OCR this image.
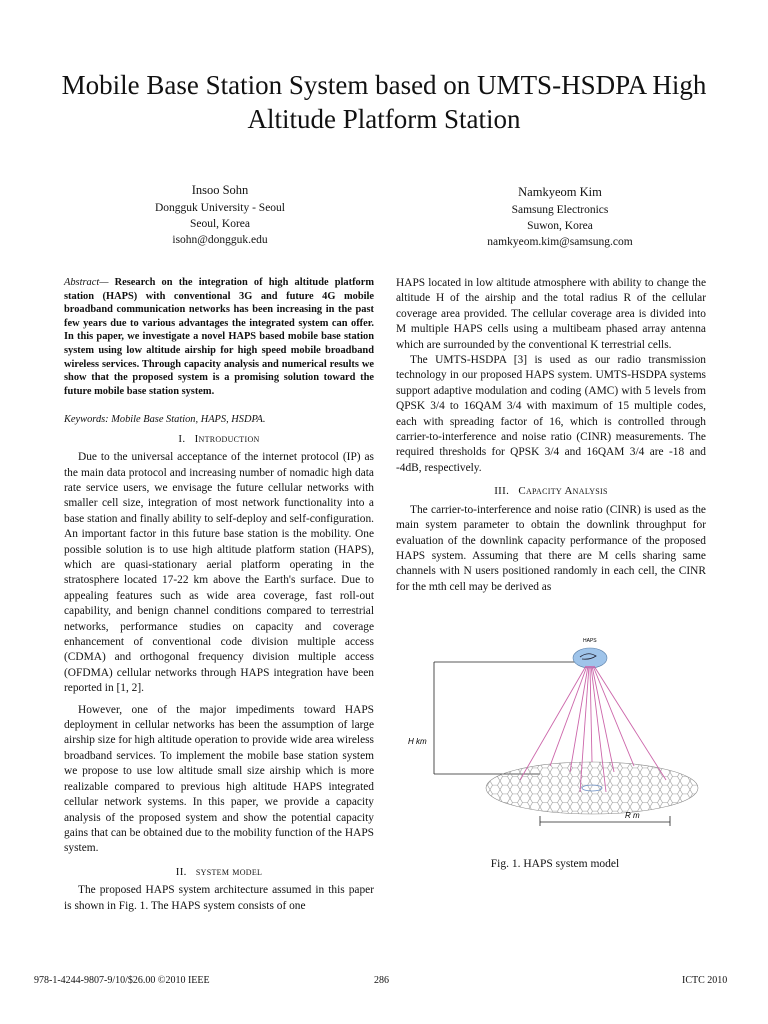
Mobile Base Station System based on UMTS-HSDPA High Altitude Platform Station
Insoo Sohn
Dongguk University - Seoul
Seoul, Korea
isohn@dongguk.edu
Namkyeom Kim
Samsung Electronics
Suwon, Korea
namkyeom.kim@samsung.com

Abstract— Research on the integration of high altitude platform station (HAPS) with conventional 3G and future 4G mobile broadband communication networks has been increasing in the past few years due to various advantages the integrated system can offer. In this paper, we investigate a novel HAPS based mobile base station system using low altitude airship for high speed mobile broadband wireless services. Through capacity analysis and numerical results we show that the proposed system is a promising solution toward the future mobile base station system.

Keywords: Mobile Base Station, HAPS, HSDPA.

I. Introduction

Due to the universal acceptance of the internet protocol (IP) as the main data protocol and increasing number of nomadic high data rate service users, we envisage the future cellular networks with smaller cell size, integration of most network functionality into a base station and finally ability to self-deploy and self-configuration. An important factor in this future base station is the mobility. One possible solution is to use high altitude platform station (HAPS), which are quasi-stationary aerial platform operating in the stratosphere located 17-22 km above the Earth's surface. Due to appealing features such as wide area coverage, fast roll-out capability, and benign channel conditions compared to terrestrial networks, performance studies on capacity and coverage enhancement of conventional code division multiple access (CDMA) and orthogonal frequency division multiple access (OFDMA) cellular networks through HAPS integration have been reported in [1, 2].

However, one of the major impediments toward HAPS deployment in cellular networks has been the assumption of large airship size for high altitude operation to provide wide area wireless broadband services. To implement the mobile base station system we propose to use low altitude small size airship which is more realizable compared to previous high altitude HAPS integrated cellular network systems. In this paper, we provide a capacity analysis of the proposed system and show the potential capacity gains that can be obtained due to the mobility function of the HAPS system.

II. system model

The proposed HAPS system architecture assumed in this paper is shown in Fig. 1. The HAPS system consists of one

HAPS located in low altitude atmosphere with ability to change the altitude H of the airship and the total radius R of the cellular coverage area provided. The cellular coverage area is divided into M multiple HAPS cells using a multibeam phased array antenna which are surrounded by the conventional K terrestrial cells.

The UMTS-HSDPA [3] is used as our radio transmission technology in our proposed HAPS system. UMTS-HSDPA systems support adaptive modulation and coding (AMC) with 5 levels from QPSK 3/4 to 16QAM 3/4 with maximum of 15 multiple codes, each with spreading factor of 16, which is controlled through carrier-to-interference and noise ratio (CINR) measurements. The required thresholds for QPSK 3/4 and 16QAM 3/4 are -18 and -4dB, respectively.

III. Capacity Analysis

The carrier-to-interference and noise ratio (CINR) is used as the main system parameter to obtain the downlink throughput for evaluation of the downlink capacity performance of the proposed HAPS system. Assuming that there are M cells sharing same channels with N users positioned randomly in each cell, the CINR for the mth cell may be derived as

H km
HAPS
R m
Fig. 1. HAPS system model
978-1-4244-9807-9/10/$26.00 ©2010 IEEE	286	ICTC 2010
